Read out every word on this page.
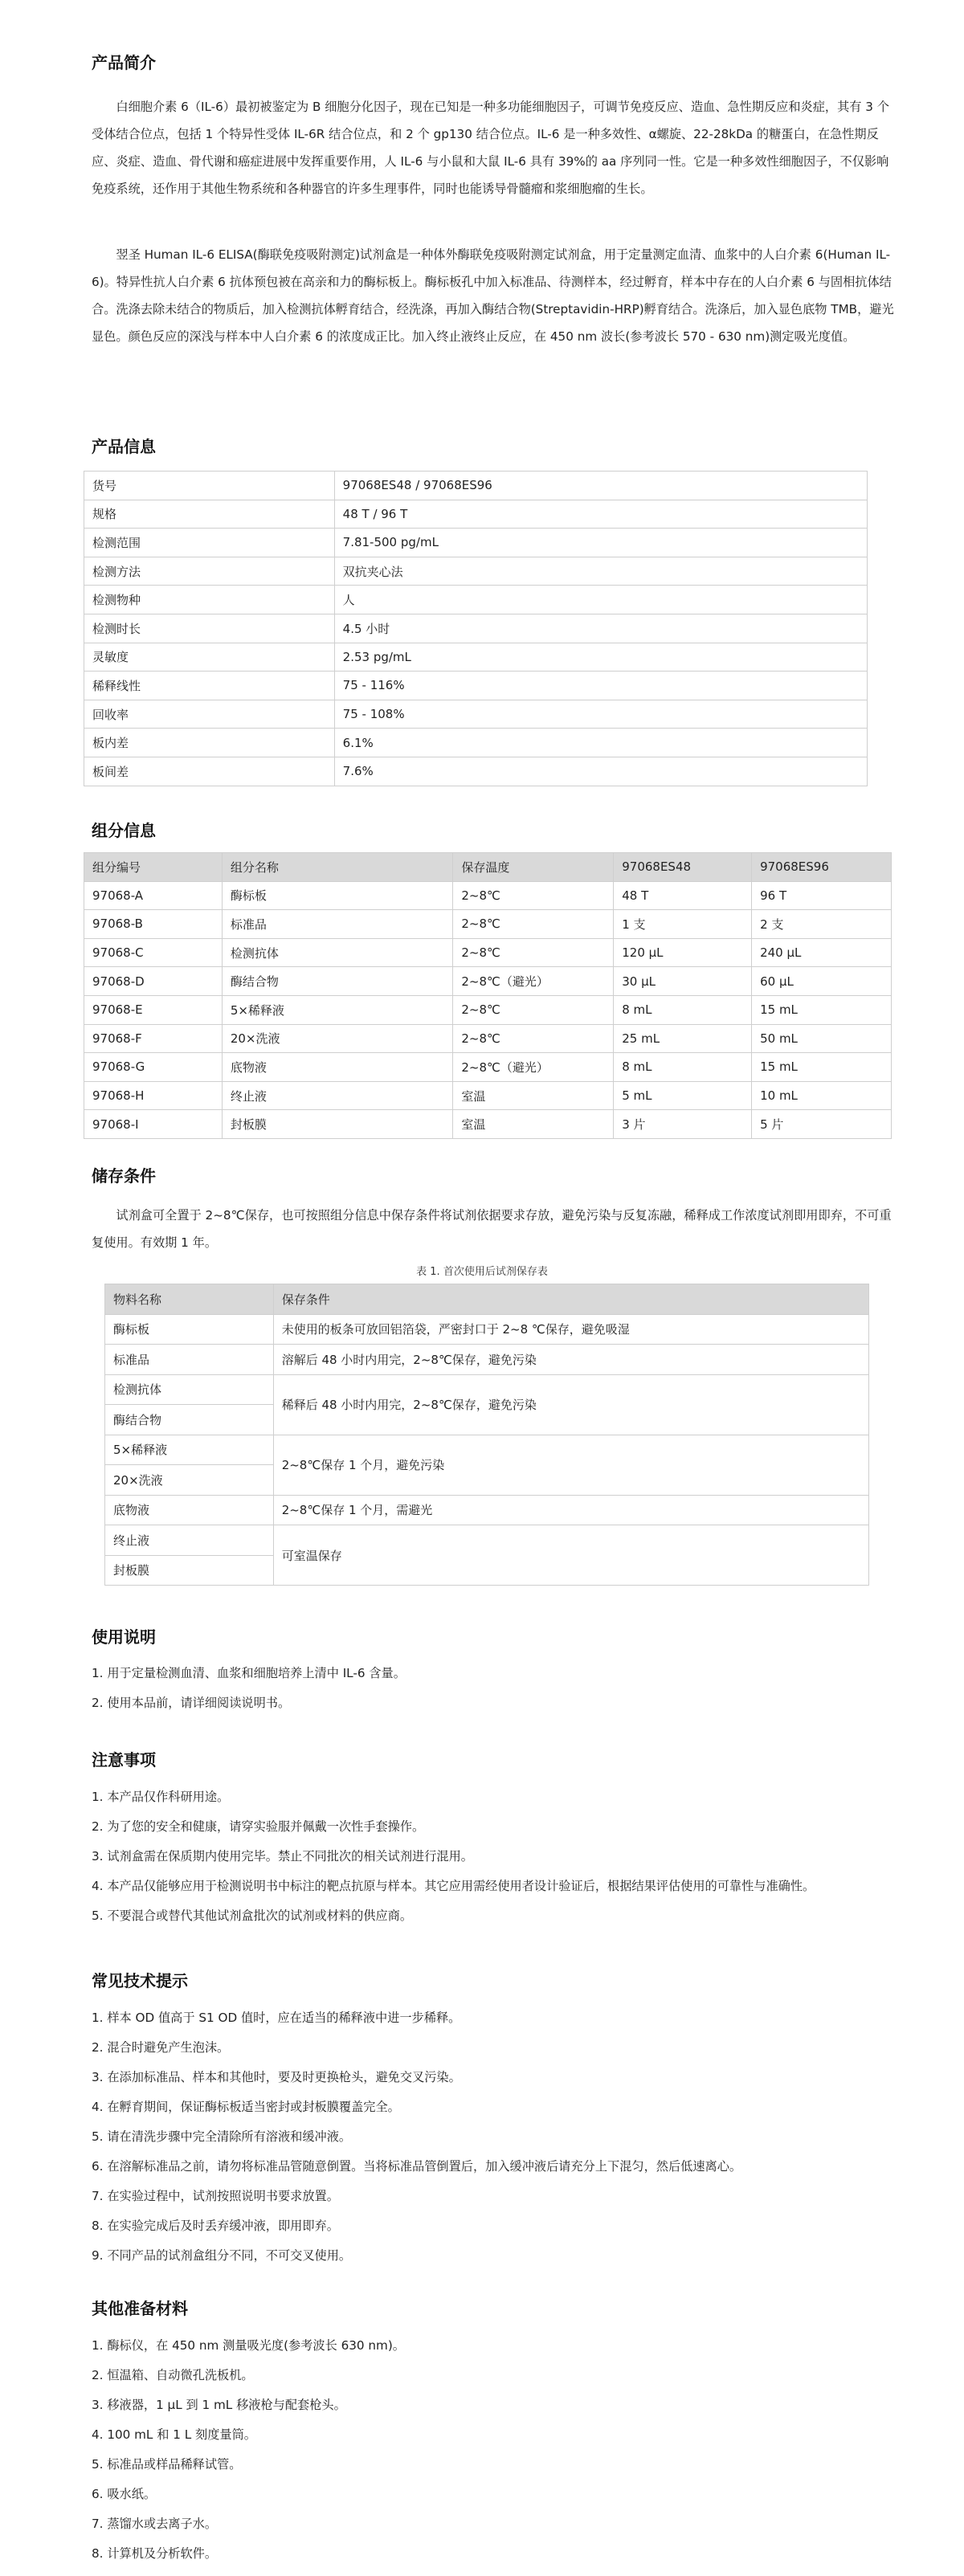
产品简介

白细胞介素 6（IL-6）最初被鉴定为 B 细胞分化因子，现在已知是一种多功能细胞因子，可调节免疫反应、造血、急性期反应和炎症，其有 3 个受体结合位点，包括 1 个特异性受体 IL-6R 结合位点，和 2 个 gp130 结合位点。IL-6 是一种多效性、α螺旋、22-28kDa 的糖蛋白，在急性期反应、炎症、造血、骨代谢和癌症进展中发挥重要作用，人 IL-6 与小鼠和大鼠 IL-6 具有 39%的 aa 序列同一性。它是一种多效性细胞因子，不仅影响免疫系统，还作用于其他生物系统和各种器官的许多生理事件，同时也能诱导骨髓瘤和浆细胞瘤的生长。

翌圣 Human IL-6 ELISA(酶联免疫吸附测定)试剂盒是一种体外酶联免疫吸附测定试剂盒，用于定量测定血清、血浆中的人白介素 6(Human IL-6)。特异性抗人白介素 6 抗体预包被在高亲和力的酶标板上。酶标板孔中加入标准品、待测样本，经过孵育，样本中存在的人白介素 6 与固相抗体结合。洗涤去除未结合的物质后，加入检测抗体孵育结合，经洗涤，再加入酶结合物(Streptavidin-HRP)孵育结合。洗涤后，加入显色底物 TMB，避光显色。颜色反应的深浅与样本中人白介素 6 的浓度成正比。加入终止液终止反应，在 450 nm 波长(参考波长 570 - 630 nm)测定吸光度值。

产品信息
货号	97068ES48 / 97068ES96
规格	48 T / 96 T
检测范围	7.81-500 pg/mL
检测方法	双抗夹心法
检测物种	人
检测时长	4.5 小时
灵敏度	2.53 pg/mL
稀释线性	75 - 116%
回收率	75 - 108%
板内差	6.1%
板间差	7.6%
组分信息
组分编号	组分名称	保存温度	97068ES48	97068ES96
97068-A	酶标板	2~8℃	48 T	96 T
97068-B	标准品	2~8℃	1 支	2 支
97068-C	检测抗体	2~8℃	120 μL	240 μL
97068-D	酶结合物	2~8℃（避光）	30 μL	60 μL
97068-E	5×稀释液	2~8℃	8 mL	15 mL
97068-F	20×洗液	2~8℃	25 mL	50 mL
97068-G	底物液	2~8℃（避光）	8 mL	15 mL
97068-H	终止液	室温	5 mL	10 mL
97068-I	封板膜	室温	3 片	5 片
储存条件

试剂盒可全置于 2~8℃保存，也可按照组分信息中保存条件将试剂依据要求存放，避免污染与反复冻融，稀释成工作浓度试剂即用即弃，不可重复使用。有效期 1 年。

表 1. 首次使用后试剂保存表

物料名称	保存条件
酶标板	未使用的板条可放回铝箔袋，严密封口于 2~8 ℃保存，避免吸湿
标准品	溶解后 48 小时内用完，2~8℃保存，避免污染
检测抗体	稀释后 48 小时内用完，2~8℃保存，避免污染
酶结合物	
5×稀释液	2~8℃保存 1 个月，避免污染
20×洗液	
底物液	2~8℃保存 1 个月，需避光
终止液	可室温保存
封板膜	
使用说明
1. 用于定量检测血清、血浆和细胞培养上清中 IL-6 含量。
2. 使用本品前，请详细阅读说明书。
注意事项
1. 本产品仅作科研用途。
2. 为了您的安全和健康，请穿实验服并佩戴一次性手套操作。
3. 试剂盒需在保质期内使用完毕。禁止不同批次的相关试剂进行混用。
4. 本产品仅能够应用于检测说明书中标注的靶点抗原与样本。其它应用需经使用者设计验证后，根据结果评估使用的可靠性与准确性。
5. 不要混合或替代其他试剂盒批次的试剂或材料的供应商。
常见技术提示
1. 样本 OD 值高于 S1 OD 值时，应在适当的稀释液中进一步稀释。
2. 混合时避免产生泡沫。
3. 在添加标准品、样本和其他时，要及时更换枪头，避免交叉污染。
4. 在孵育期间，保证酶标板适当密封或封板膜覆盖完全。
5. 请在清洗步骤中完全清除所有溶液和缓冲液。
6. 在溶解标准品之前，请勿将标准品管随意倒置。当将标准品管倒置后，加入缓冲液后请充分上下混匀，然后低速离心。
7. 在实验过程中，试剂按照说明书要求放置。
8. 在实验完成后及时丢弃缓冲液，即用即弃。
9. 不同产品的试剂盒组分不同，不可交叉使用。
其他准备材料
1. 酶标仪，在 450 nm 测量吸光度(参考波长 630 nm)。
2. 恒温箱、自动微孔洗板机。
3. 移液器，1 μL 到 1 mL 移液枪与配套枪头。
4. 100 mL 和 1 L 刻度量筒。
5. 标准品或样品稀释试管。
6. 吸水纸。
7. 蒸馏水或去离子水。
8. 计算机及分析软件。
